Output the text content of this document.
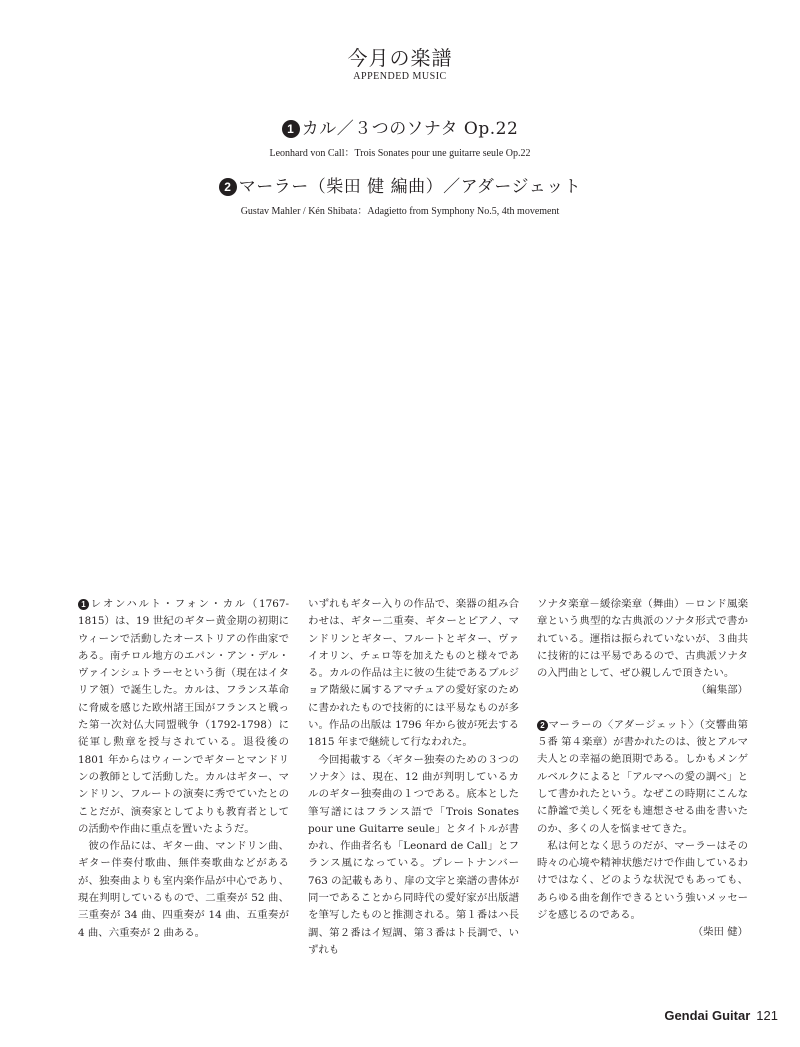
今月の楽譜
APPENDED MUSIC
1 カル／３つのソナタ Op.22
Leonhard von Call：Trois Sonates pour une guitarre seule Op.22
2 マーラー（柴田 健 編曲）／アダージェット
Gustav Mahler / Kén Shibata：Adagietto from Symphony No.5, 4th movement

1 レオンハルト・フォン・カル（1767-1815）は、19 世紀のギター黄金期の初期にウィーンで活動したオーストリアの作曲家である。南チロル地方のエパン・アン・デル・ヴァインシュトラーセという街（現在はイタリア領）で誕生した。カルは、フランス革命に脅威を感じた欧州諸王国がフランスと戦った第一次対仏大同盟戦争（1792-1798）に従軍し勲章を授与されている。退役後の 1801 年からはウィーンでギターとマンドリンの教師として活動した。カルはギター、マンドリン、フルートの演奏に秀でていたとのことだが、演奏家としてよりも教育者としての活動や作曲に重点を置いたようだ。

彼の作品には、ギター曲、マンドリン曲、ギター伴奏付歌曲、無伴奏歌曲などがあるが、独奏曲よりも室内楽作品が中心であり、現在判明しているもので、二重奏が 52 曲、三重奏が 34 曲、四重奏が 14 曲、五重奏が 4 曲、六重奏が 2 曲ある。

いずれもギター入りの作品で、楽器の組み合わせは、ギター二重奏、ギターとピアノ、マンドリンとギター、フルートとギター、ヴァイオリン、チェロ等を加えたものと様々である。カルの作品は主に彼の生徒であるブルジョア階級に属するアマチュアの愛好家のために書かれたもので技術的には平易なものが多い。作品の出版は 1796 年から彼が死去する 1815 年まで継続して行なわれた。

今回掲載する〈ギター独奏のための３つのソナタ〉は、現在、12 曲が判明しているカルのギター独奏曲の１つである。底本とした筆写譜にはフランス語で「Trois Sonates pour une Guitarre seule」とタイトルが書かれ、作曲者名も「Leonard de Call」とフランス風になっている。プレートナンバー 763 の記載もあり、扉の文字と楽譜の書体が同一であることから同時代の愛好家が出版譜を筆写したものと推測される。第１番はハ長調、第２番はイ短調、第３番はト長調で、いずれも

ソナタ楽章－緩徐楽章（舞曲）－ロンド風楽章という典型的な古典派のソナタ形式で書かれている。運指は振られていないが、３曲共に技術的には平易であるので、古典派ソナタの入門曲として、ぜひ親しんで頂きたい。

（編集部）

2 マーラーの〈アダージェット〉（交響曲第５番 第４楽章）が書かれたのは、彼とアルマ夫人との幸福の絶頂期である。しかもメンゲルベルクによると「アルマへの愛の調べ」として書かれたという。なぜこの時期にこんなに静謐で美しく死をも連想させる曲を書いたのか、多くの人を悩ませてきた。

私は何となく思うのだが、マーラーはその時々の心境や精神状態だけで作曲しているわけではなく、どのような状況でもあっても、あらゆる曲を創作できるという強いメッセージを感じるのである。

（柴田 健）

Gendai Guitar 121
